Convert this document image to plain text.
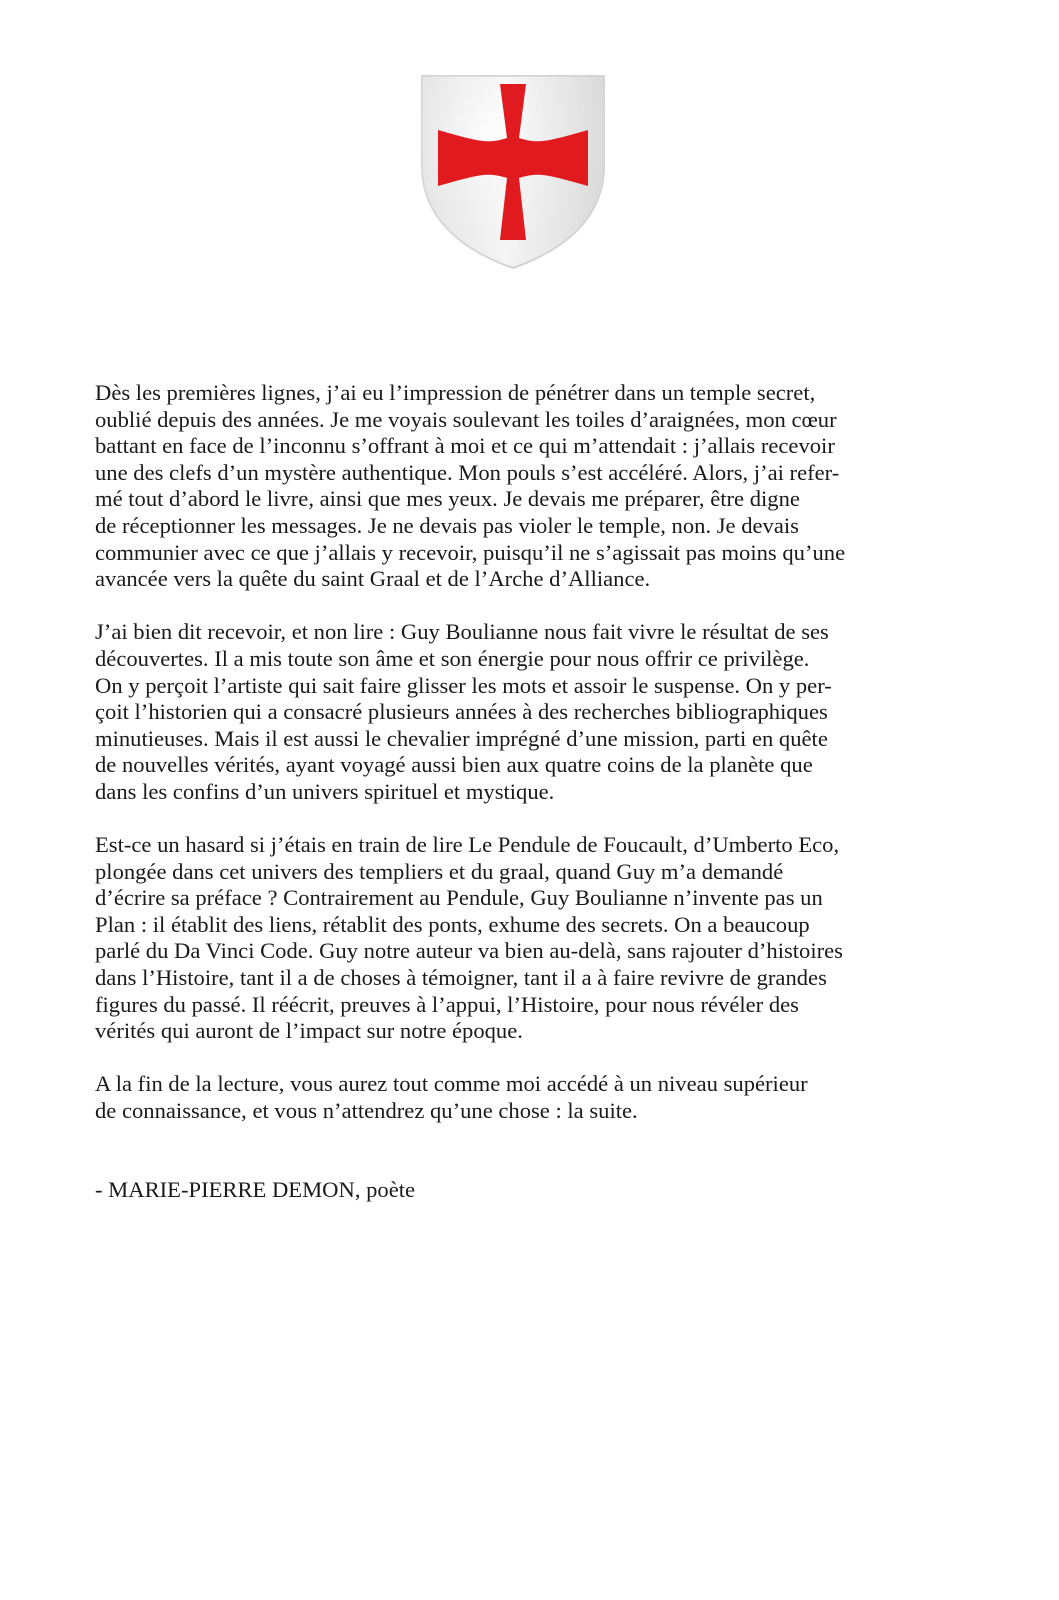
Dès les premières lignes, j’ai eu l’impression de pénétrer dans un temple secret,
oublié depuis des années. Je me voyais soulevant les toiles d’araignées, mon cœur
battant en face de l’inconnu s’offrant à moi et ce qui m’attendait : j’allais recevoir
une des clefs d’un mystère authentique. Mon pouls s’est accéléré. Alors, j’ai refer-
mé tout d’abord le livre, ainsi que mes yeux. Je devais me préparer, être digne
de réceptionner les messages. Je ne devais pas violer le temple, non. Je devais
communier avec ce que j’allais y recevoir, puisqu’il ne s’agissait pas moins qu’une
avancée vers la quête du saint Graal et de l’Arche d’Alliance.

J’ai bien dit recevoir, et non lire : Guy Boulianne nous fait vivre le résultat de ses
découvertes. Il a mis toute son âme et son énergie pour nous offrir ce privilège.
On y perçoit l’artiste qui sait faire glisser les mots et assoir le suspense. On y per-
çoit l’historien qui a consacré plusieurs années à des recherches bibliographiques
minutieuses. Mais il est aussi le chevalier imprégné d’une mission, parti en quête
de nouvelles vérités, ayant voyagé aussi bien aux quatre coins de la planète que
dans les confins d’un univers spirituel et mystique.

Est-ce un hasard si j’étais en train de lire Le Pendule de Foucault, d’Umberto Eco,
plongée dans cet univers des templiers et du graal, quand Guy m’a demandé
d’écrire sa préface ? Contrairement au Pendule, Guy Boulianne n’invente pas un
Plan : il établit des liens, rétablit des ponts, exhume des secrets. On a beaucoup
parlé du Da Vinci Code. Guy notre auteur va bien au-delà, sans rajouter d’histoires
dans l’Histoire, tant il a de choses à témoigner, tant il a à faire revivre de grandes
figures du passé. Il réécrit, preuves à l’appui, l’Histoire, pour nous révéler des
vérités qui auront de l’impact sur notre époque.

A la fin de la lecture, vous aurez tout comme moi accédé à un niveau supérieur
de connaissance, et vous n’attendrez qu’une chose : la suite.

- MARIE-PIERRE DEMON, poète
